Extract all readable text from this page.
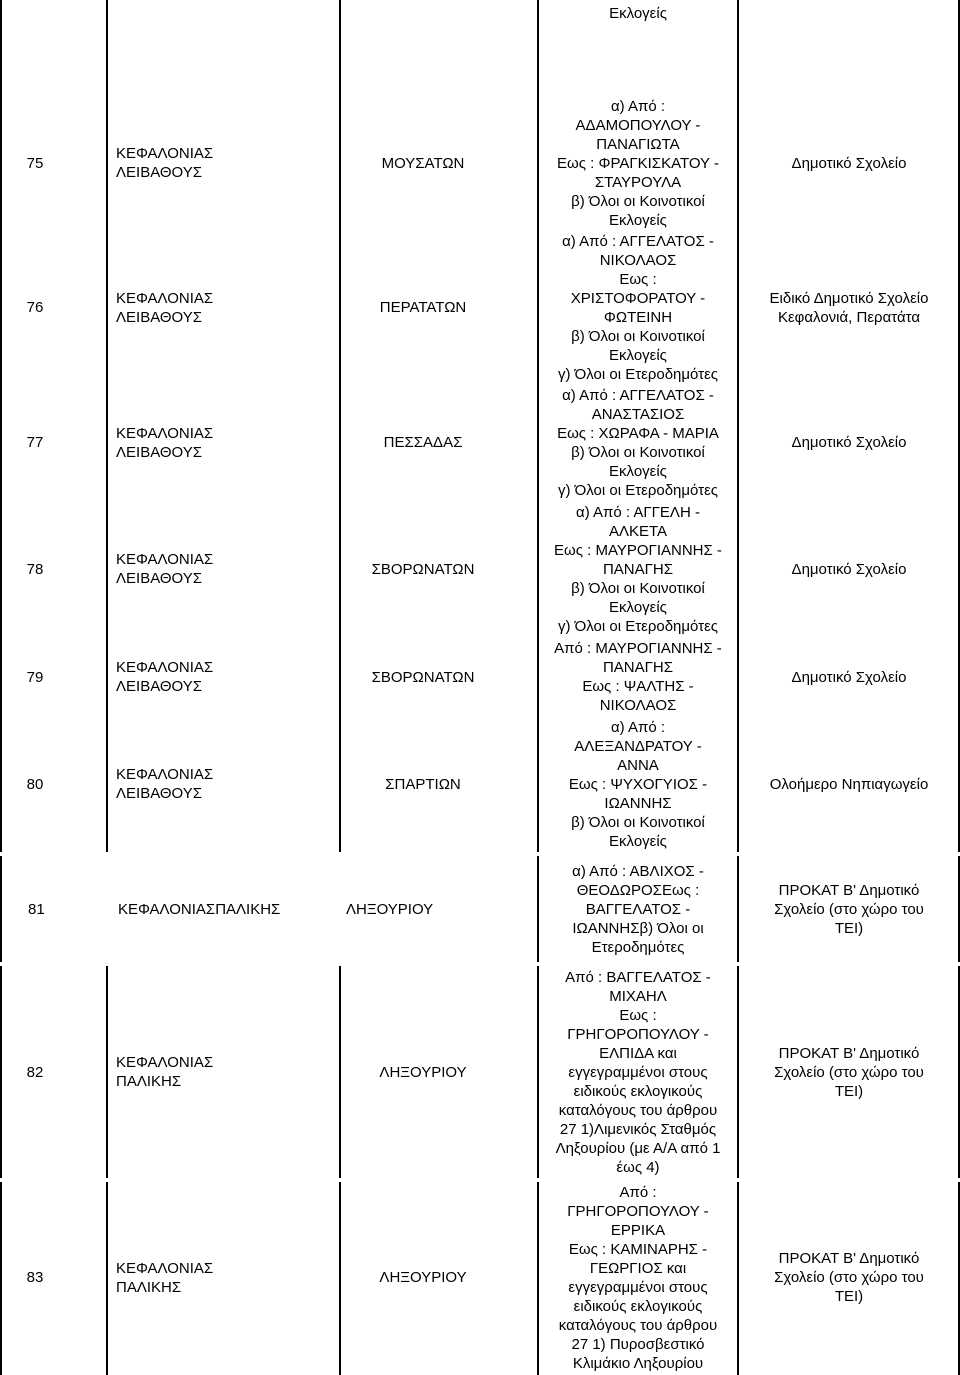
Εκλογείς
75
ΚΕΦΑΛΟΝΙΑΣ
ΛΕΙΒΑΘΟΥΣ
ΜΟΥΣΑΤΩΝ
α) Από :
ΑΔΑΜΟΠΟΥΛΟΥ -
ΠΑΝΑΓΙΩΤΑ
Εως : ΦΡΑΓΚΙΣΚΑΤΟΥ -
ΣΤΑΥΡΟΥΛΑ
β) Όλοι οι Κοινοτικοί
Εκλογείς
Δημοτικό Σχολείο
76
ΚΕΦΑΛΟΝΙΑΣ
ΛΕΙΒΑΘΟΥΣ
ΠΕΡΑΤΑΤΩΝ
α) Από : ΑΓΓΕΛΑΤΟΣ -
ΝΙΚΟΛΑΟΣ
Εως :
ΧΡΙΣΤΟΦΟΡΑΤΟΥ -
ΦΩΤΕΙΝΗ
β) Όλοι οι Κοινοτικοί
Εκλογείς
γ) Όλοι οι Ετεροδημότες
Ειδικό Δημοτικό Σχολείο
Κεφαλονιά, Περατάτα
77
ΚΕΦΑΛΟΝΙΑΣ
ΛΕΙΒΑΘΟΥΣ
ΠΕΣΣΑΔΑΣ
α) Από : ΑΓΓΕΛΑΤΟΣ -
ΑΝΑΣΤΑΣΙΟΣ
Εως : ΧΩΡΑΦΑ - ΜΑΡΙΑ
β) Όλοι οι Κοινοτικοί
Εκλογείς
γ) Όλοι οι Ετεροδημότες
Δημοτικό Σχολείο
78
ΚΕΦΑΛΟΝΙΑΣ
ΛΕΙΒΑΘΟΥΣ
ΣΒΟΡΩΝΑΤΩΝ
α) Από : ΑΓΓΕΛΗ -
ΑΛΚΕΤΑ
Εως : ΜΑΥΡΟΓΙΑΝΝΗΣ -
ΠΑΝΑΓΗΣ
β) Όλοι οι Κοινοτικοί
Εκλογείς
γ) Όλοι οι Ετεροδημότες
Δημοτικό Σχολείο
79
ΚΕΦΑΛΟΝΙΑΣ
ΛΕΙΒΑΘΟΥΣ
ΣΒΟΡΩΝΑΤΩΝ
Από : ΜΑΥΡΟΓΙΑΝΝΗΣ -
ΠΑΝΑΓΗΣ
Εως : ΨΑΛΤΗΣ -
ΝΙΚΟΛΑΟΣ
Δημοτικό Σχολείο
80
ΚΕΦΑΛΟΝΙΑΣ
ΛΕΙΒΑΘΟΥΣ
ΣΠΑΡΤΙΩΝ
α) Από :
ΑΛΕΞΑΝΔΡΑΤΟΥ -
ΑΝΝΑ
Εως : ΨΥΧΟΓΥΙΟΣ -
ΙΩΑΝΝΗΣ
β) Όλοι οι Κοινοτικοί
Εκλογείς
Ολοήμερο Νηπιαγωγείο
81	ΚΕΦΑΛΟΝΙΑΣΠΑΛΙΚΗΣ	ΛΗΞΟΥΡΙΟΥ
α) Από : ΑΒΛΙΧΟΣ -
ΘΕΟΔΩΡΟΣΕως :
ΒΑΓΓΕΛΑΤΟΣ -
ΙΩΑΝΝΗΣβ) Όλοι οι
Ετεροδημότες
ΠΡΟΚΑΤ Β' Δημοτικό
Σχολείο (στο χώρο του
ΤΕΙ)
82
ΚΕΦΑΛΟΝΙΑΣ
ΠΑΛΙΚΗΣ
ΛΗΞΟΥΡΙΟΥ
Από : ΒΑΓΓΕΛΑΤΟΣ -
ΜΙΧΑΗΛ
Εως :
ΓΡΗΓΟΡΟΠΟΥΛΟΥ -
ΕΛΠΙΔΑ και
εγγεγραμμένοι στους
ειδικούς εκλογικούς
καταλόγους του άρθρου
27 1)Λιμενικός Σταθμός
Ληξουρίου (με Α/Α από 1
έως 4)
ΠΡΟΚΑΤ Β' Δημοτικό
Σχολείο (στο χώρο του
ΤΕΙ)
83
ΚΕΦΑΛΟΝΙΑΣ
ΠΑΛΙΚΗΣ
ΛΗΞΟΥΡΙΟΥ
Από :
ΓΡΗΓΟΡΟΠΟΥΛΟΥ -
ΕΡΡΙΚΑ
Εως : ΚΑΜΙΝΑΡΗΣ -
ΓΕΩΡΓΙΟΣ και
εγγεγραμμένοι στους
ειδικούς εκλογικούς
καταλόγους του άρθρου
27 1) Πυροσβεστικό
Κλιμάκιο Ληξουρίου
ΠΡΟΚΑΤ Β' Δημοτικό
Σχολείο (στο χώρο του
ΤΕΙ)
